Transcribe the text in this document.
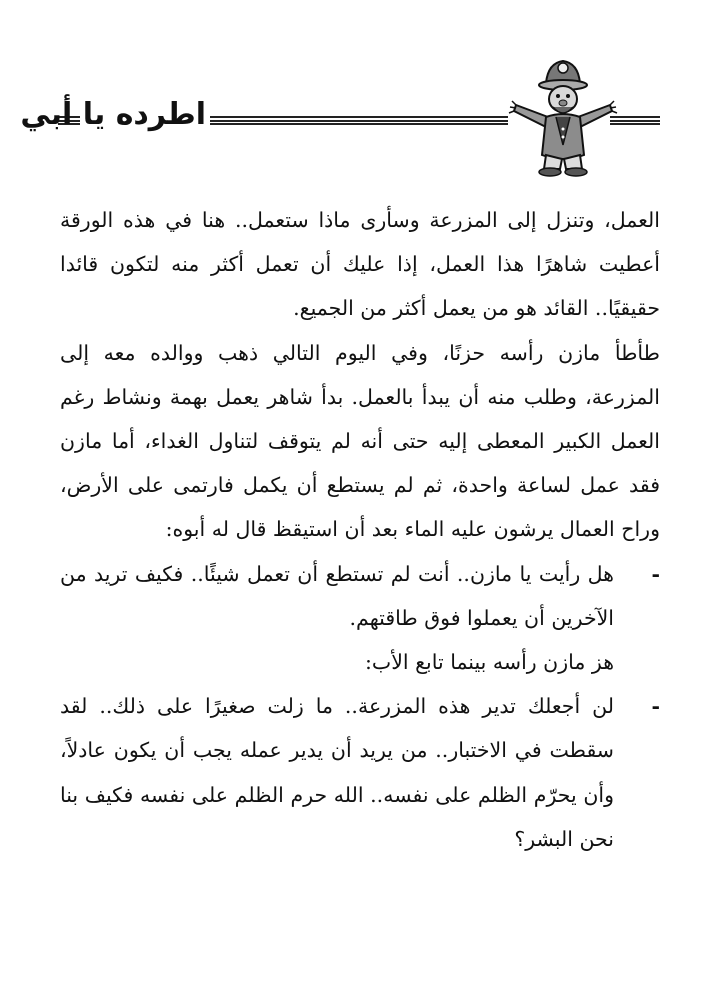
اطرده يا أبي

العمل، وتنزل إلى المزرعة وسأرى ماذا ستعمل.. هنا في هذه الورقة أعطيت شاهرًا هذا العمل، إذا عليك أن تعمل أكثر منه لتكون قائدا حقيقيًا.. القائد هو من يعمل أكثر من الجميع.

طأطأ مازن رأسه حزنًا، وفي اليوم التالي ذهب ووالده معه إلى المزرعة، وطلب منه أن يبدأ بالعمل. بدأ شاهر يعمل بهمة ونشاط رغم العمل الكبير المعطى إليه حتى أنه لم يتوقف لتناول الغداء، أما مازن فقد عمل لساعة واحدة، ثم لم يستطع أن يكمل فارتمى على الأرض، وراح العمال يرشون عليه الماء بعد أن استيقظ قال له أبوه:

-
هل رأيت يا مازن.. أنت لم تستطع أن تعمل شيئًا.. فكيف تريد من الآخرين أن يعملوا فوق طاقتهم.

هز مازن رأسه بينما تابع الأب:

-
لن أجعلك تدير هذه المزرعة.. ما زلت صغيرًا على ذلك.. لقد سقطت في الاختبار.. من يريد أن يدير عمله يجب أن يكون عادلاً، وأن يحرّم الظلم على نفسه.. الله حرم الظلم على نفسه فكيف بنا نحن البشر؟
